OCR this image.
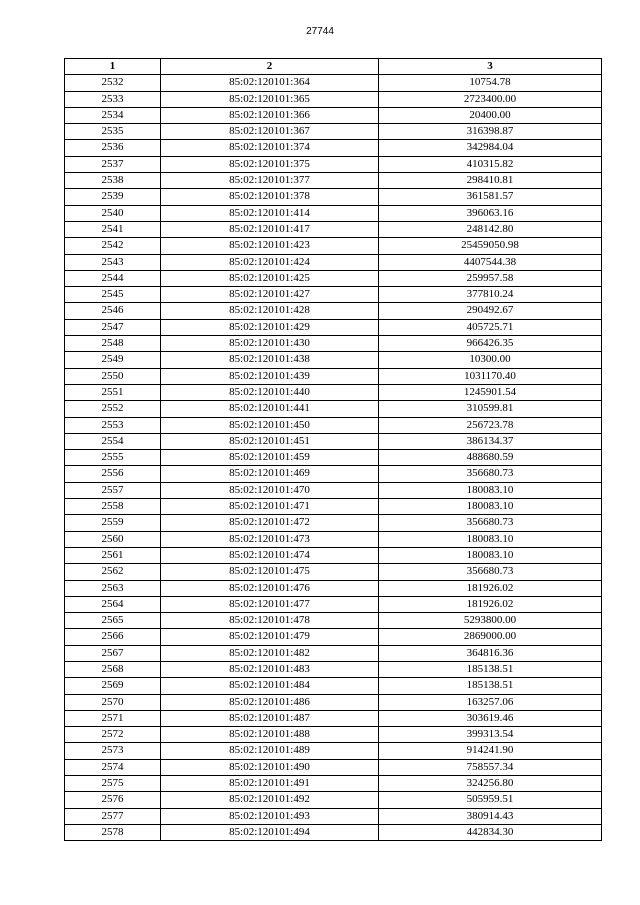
27744
1	2	3
2532	85:02:120101:364	10754.78
2533	85:02:120101:365	2723400.00
2534	85:02:120101:366	20400.00
2535	85:02:120101:367	316398.87
2536	85:02:120101:374	342984.04
2537	85:02:120101:375	410315.82
2538	85:02:120101:377	298410.81
2539	85:02:120101:378	361581.57
2540	85:02:120101:414	396063.16
2541	85:02:120101:417	248142.80
2542	85:02:120101:423	25459050.98
2543	85:02:120101:424	4407544.38
2544	85:02:120101:425	259957.58
2545	85:02:120101:427	377810.24
2546	85:02:120101:428	290492.67
2547	85:02:120101:429	405725.71
2548	85:02:120101:430	966426.35
2549	85:02:120101:438	10300.00
2550	85:02:120101:439	1031170.40
2551	85:02:120101:440	1245901.54
2552	85:02:120101:441	310599.81
2553	85:02:120101:450	256723.78
2554	85:02:120101:451	386134.37
2555	85:02:120101:459	488680.59
2556	85:02:120101:469	356680.73
2557	85:02:120101:470	180083.10
2558	85:02:120101:471	180083.10
2559	85:02:120101:472	356680.73
2560	85:02:120101:473	180083.10
2561	85:02:120101:474	180083.10
2562	85:02:120101:475	356680.73
2563	85:02:120101:476	181926.02
2564	85:02:120101:477	181926.02
2565	85:02:120101:478	5293800.00
2566	85:02:120101:479	2869000.00
2567	85:02:120101:482	364816.36
2568	85:02:120101:483	185138.51
2569	85:02:120101:484	185138.51
2570	85:02:120101:486	163257.06
2571	85:02:120101:487	303619.46
2572	85:02:120101:488	399313.54
2573	85:02:120101:489	914241.90
2574	85:02:120101:490	758557.34
2575	85:02:120101:491	324256.80
2576	85:02:120101:492	505959.51
2577	85:02:120101:493	380914.43
2578	85:02:120101:494	442834.30
